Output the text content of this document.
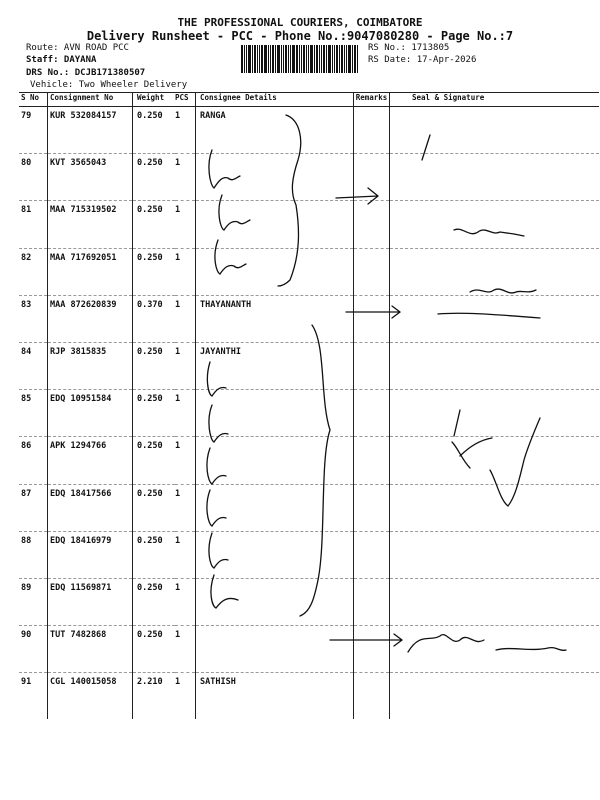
THE PROFESSIONAL COURIERS, COIMBATORE
Delivery Runsheet - PCC - Phone No.:9047080280 - Page No.:7
Route: AVN ROAD PCC
Staff: DAYANA
DRS No.: DCJB171380507
Vehicle: Two Wheeler Delivery
RS No.: 1713805
RS Date: 17-Apr-2026
S No	Consignment No	Weight	PCS	Consignee Details	Remarks	Seal & Signature
79	KUR 532084157	0.250	1	RANGA		
80	KVT 3565043	0.250	1			
81	MAA 715319502	0.250	1			
82	MAA 717692051	0.250	1			
83	MAA 872620839	0.370	1	THAYANANTH		
84	RJP 3815835	0.250	1	JAYANTHI		
85	EDQ 10951584	0.250	1			
86	APK 1294766	0.250	1			
87	EDQ 18417566	0.250	1			
88	EDQ 18416979	0.250	1			
89	EDQ 11569871	0.250	1			
90	TUT 7482868	0.250	1			
91	CGL 140015058	2.210	1	SATHISH		
